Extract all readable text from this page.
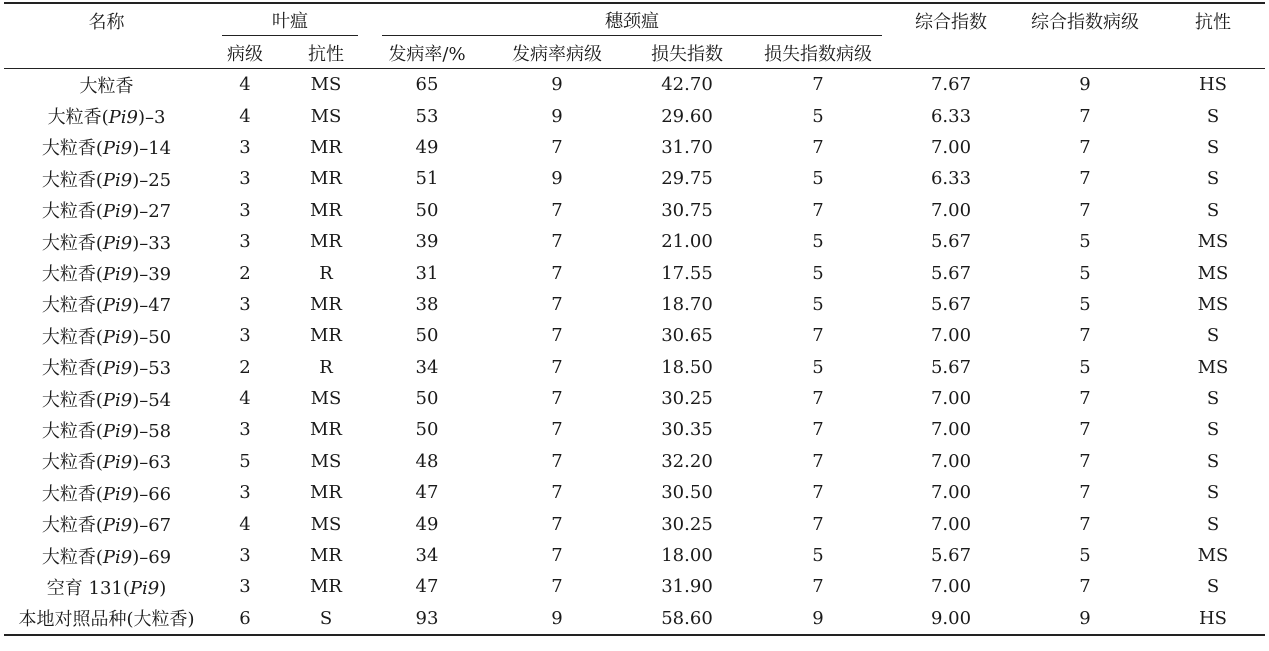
名称	叶瘟		穗颈瘟				综合指数	综合指数病级	抗性
	病级	抗性	发病率/%	发病率病级	损失指数	损失指数病级			
大粒香	4	MS	65	9	42.70	7	7.67	9	HS
大粒香(Pi9)–3	4	MS	53	9	29.60	5	6.33	7	S
大粒香(Pi9)–14	3	MR	49	7	31.70	7	7.00	7	S
大粒香(Pi9)–25	3	MR	51	9	29.75	5	6.33	7	S
大粒香(Pi9)–27	3	MR	50	7	30.75	7	7.00	7	S
大粒香(Pi9)–33	3	MR	39	7	21.00	5	5.67	5	MS
大粒香(Pi9)–39	2	R	31	7	17.55	5	5.67	5	MS
大粒香(Pi9)–47	3	MR	38	7	18.70	5	5.67	5	MS
大粒香(Pi9)–50	3	MR	50	7	30.65	7	7.00	7	S
大粒香(Pi9)–53	2	R	34	7	18.50	5	5.67	5	MS
大粒香(Pi9)–54	4	MS	50	7	30.25	7	7.00	7	S
大粒香(Pi9)–58	3	MR	50	7	30.35	7	7.00	7	S
大粒香(Pi9)–63	5	MS	48	7	32.20	7	7.00	7	S
大粒香(Pi9)–66	3	MR	47	7	30.50	7	7.00	7	S
大粒香(Pi9)–67	4	MS	49	7	30.25	7	7.00	7	S
大粒香(Pi9)–69	3	MR	34	7	18.00	5	5.67	5	MS
空育 131(Pi9)	3	MR	47	7	31.90	7	7.00	7	S
本地对照品种(大粒香)	6	S	93	9	58.60	9	9.00	9	HS
